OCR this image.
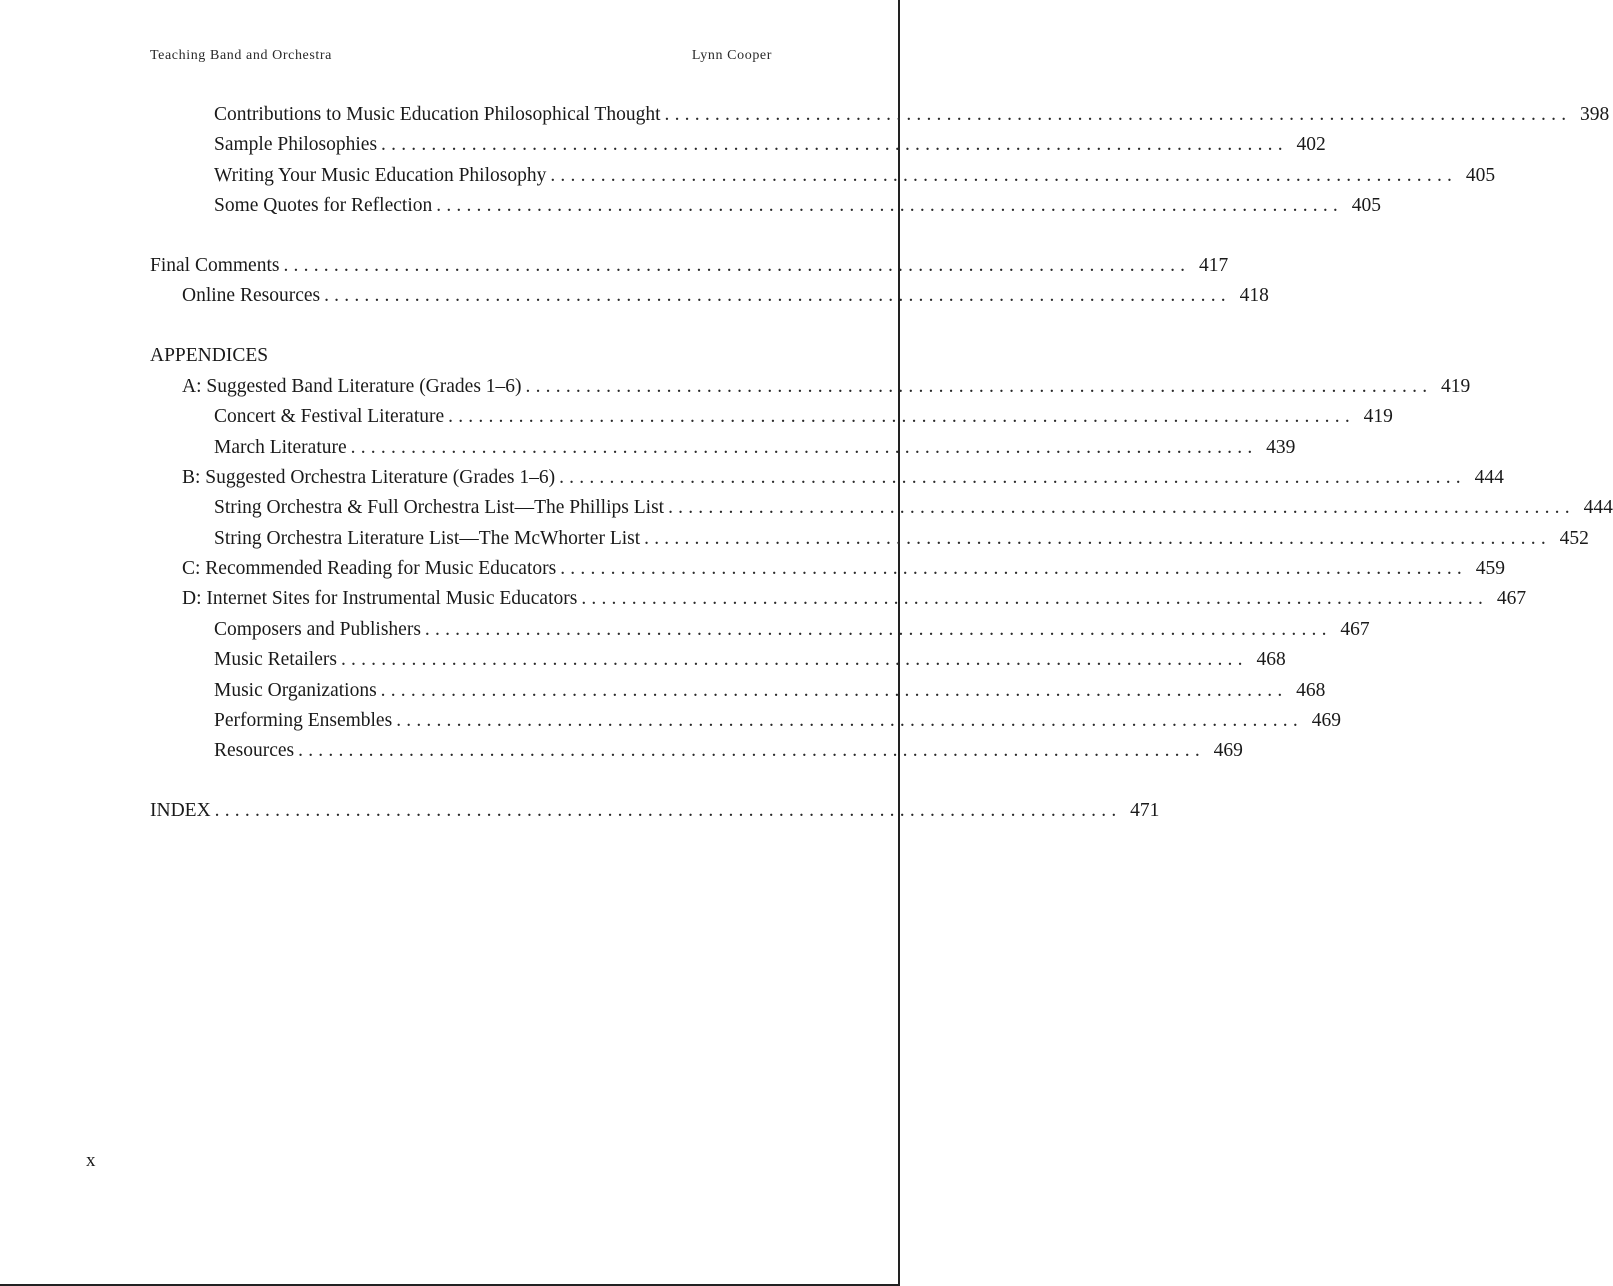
Teaching Band and Orchestra	Lynn Cooper
Contributions to Music Education Philosophical Thought .......................................................................................... 398
Sample Philosophies .......................................................................................... 402
Writing Your Music Education Philosophy .......................................................................................... 405
Some Quotes for Reflection .......................................................................................... 405
Final Comments .......................................................................................... 417
Online Resources .......................................................................................... 418
APPENDICES
A: Suggested Band Literature (Grades 1–6) .......................................................................................... 419
Concert & Festival Literature .......................................................................................... 419
March Literature .......................................................................................... 439
B: Suggested Orchestra Literature (Grades 1–6) .......................................................................................... 444
String Orchestra & Full Orchestra List—The Phillips List .......................................................................................... 444
String Orchestra Literature List—The McWhorter List .......................................................................................... 452
C: Recommended Reading for Music Educators .......................................................................................... 459
D: Internet Sites for Instrumental Music Educators .......................................................................................... 467
Composers and Publishers .......................................................................................... 467
Music Retailers .......................................................................................... 468
Music Organizations .......................................................................................... 468
Performing Ensembles .......................................................................................... 469
Resources .......................................................................................... 469
INDEX .......................................................................................... 471
x
